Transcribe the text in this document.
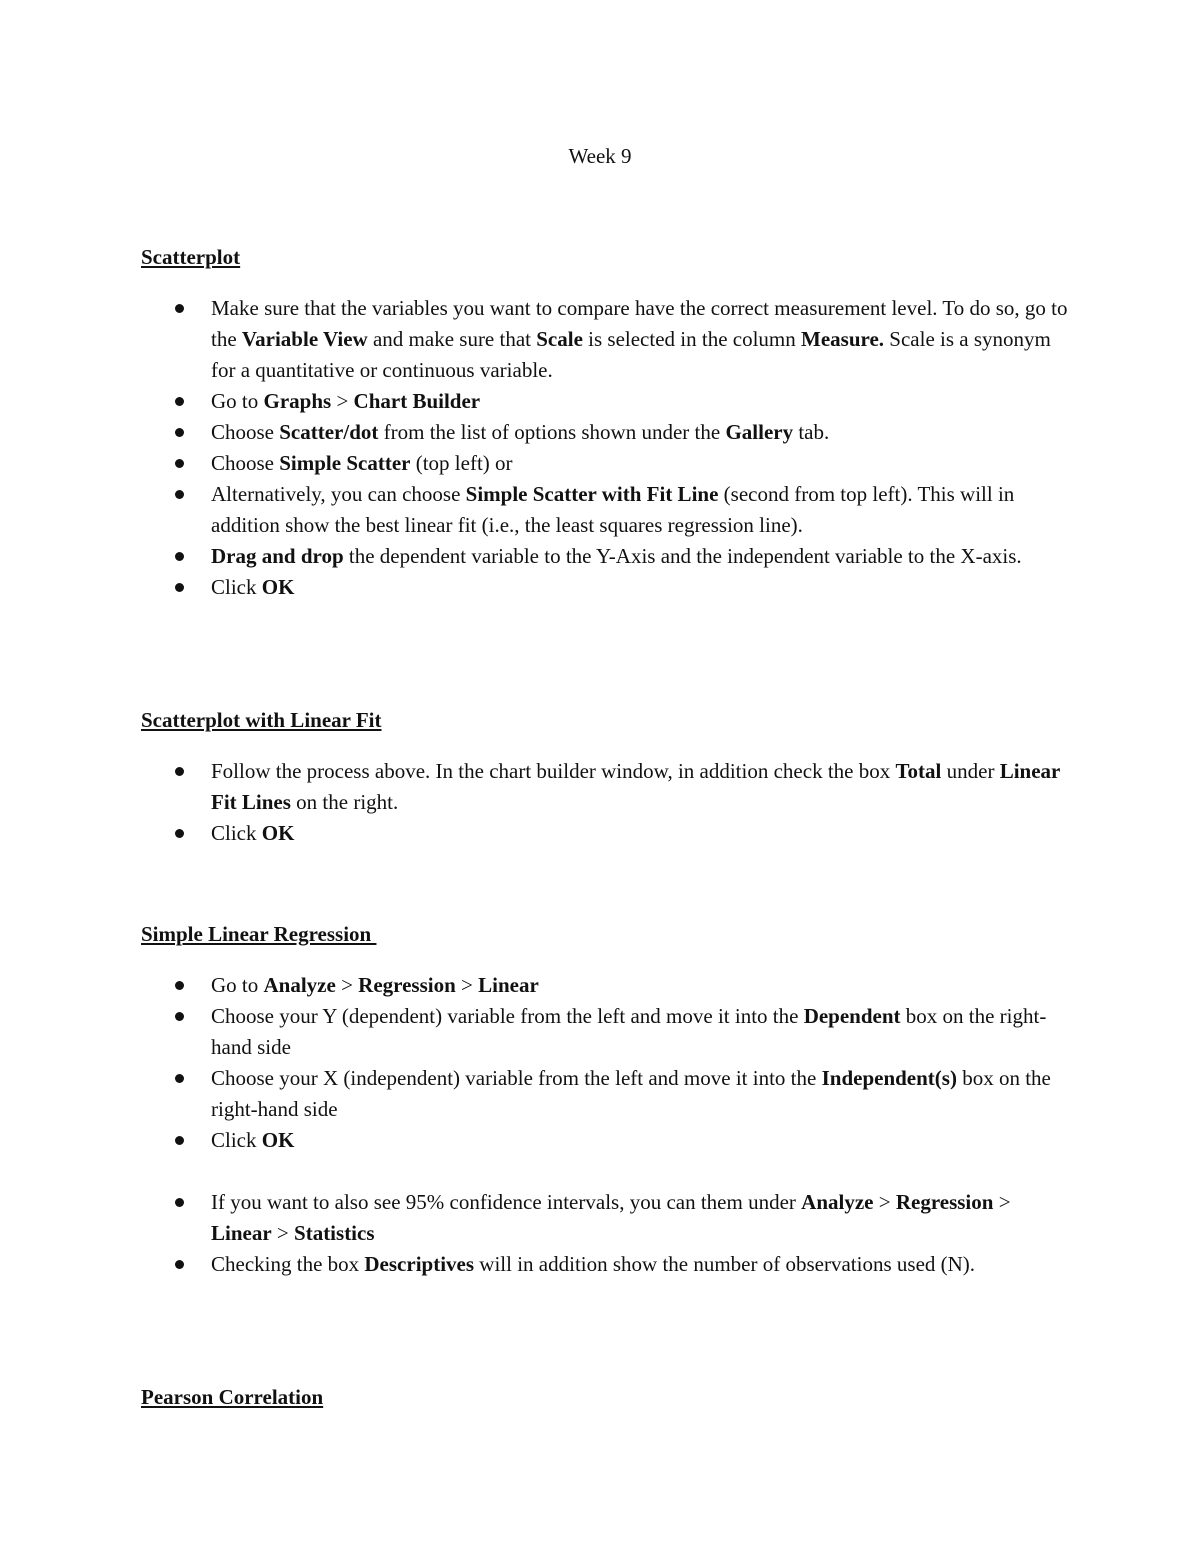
Week 9
Scatterplot
Make sure that the variables you want to compare have the correct measurement level. To do so, go to the Variable View and make sure that Scale is selected in the column Measure. Scale is a synonym for a quantitative or continuous variable.
Go to Graphs > Chart Builder
Choose Scatter/dot from the list of options shown under the Gallery tab.
Choose Simple Scatter (top left) or
Alternatively, you can choose Simple Scatter with Fit Line (second from top left). This will in addition show the best linear fit (i.e., the least squares regression line).
Drag and drop the dependent variable to the Y-Axis and the independent variable to the X-axis.
Click OK
Scatterplot with Linear Fit
Follow the process above. In the chart builder window, in addition check the box Total under Linear Fit Lines on the right.
Click OK
Simple Linear Regression
Go to Analyze > Regression > Linear
Choose your Y (dependent) variable from the left and move it into the Dependent box on the right-hand side
Choose your X (independent) variable from the left and move it into the Independent(s) box on the right-hand side
Click OK
If you want to also see 95% confidence intervals, you can them under Analyze > Regression > Linear > Statistics
Checking the box Descriptives will in addition show the number of observations used (N).
Pearson Correlation
